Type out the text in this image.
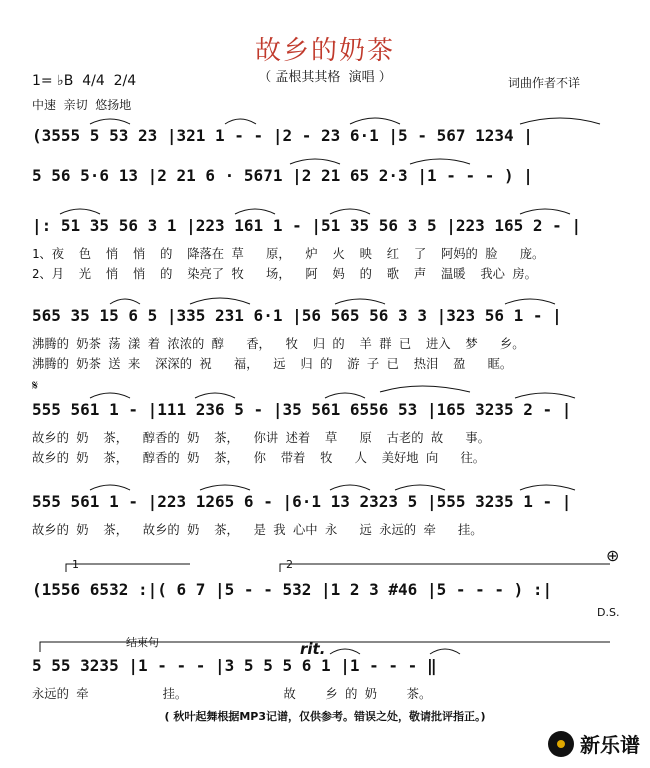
故乡的奶茶
（ 孟根其其格  演唱 ）
1= ♭B  4/4  2/4
中速  亲切  悠扬地
词曲作者不详
(3555 5 53 23 |321 1 - - |2 - 23 6·1 |5 - 567 1234 |
5 56 5·6 13 |2 21 6 · 5671 |2 21 65 2·3 |1 - - - ) |
|: 51 35 56 3 1 |223 161 1 - |51 35 56 3 5 |223 165 2 - |
1、夜  色  悄  悄  的  降落在 草   原，  炉  火  映  红  了  阿妈的 脸   庞。
2、月  光  悄  悄  的  染亮了 牧   场，  阿  妈  的  歌  声  温暖  我心 房。
565 35 15 6 5 |335 231 6·1 |56 565 56 3 3 |323 56 1 - |
沸腾的 奶茶 荡 漾 着 浓浓的 醇   香，  牧  归 的  羊 群 已  进入  梦   乡。
沸腾的 奶茶 送 来  深深的 祝   福，  远  归 的  游 子 已  热泪  盈   眶。
𝄋
555 561 1 - |111 236 5 - |35 561 6556 53 |165 3235 2 - |
故乡的 奶  茶，  醇香的 奶  茶，  你讲 述着  草   原  古老的 故   事。
故乡的 奶  茶，  醇香的 奶  茶，  你  带着  牧   人  美好地 向   往。
555 561 1 - |223 1265 6 - |6·1 13 2323 5 |555 3235 1 - |
故乡的 奶  茶，  故乡的 奶  茶，  是 我 心中 永   远 永远的 牵   挂。
1	2	⊕
(1556 6532 :|( 6 7 |5 - - 532 |1 2 3 #46 |5 - - - ) :|
D.S.
结束句	rit.
5 55 3235 |1 - - - |3 5 5 5 6 1 |1 - - - ‖
永远的 牵          挂。             故    乡 的 奶    茶。
( 秋叶起舞根据MP3记谱，仅供参考。错误之处，敬请批评指正。)
新乐谱
